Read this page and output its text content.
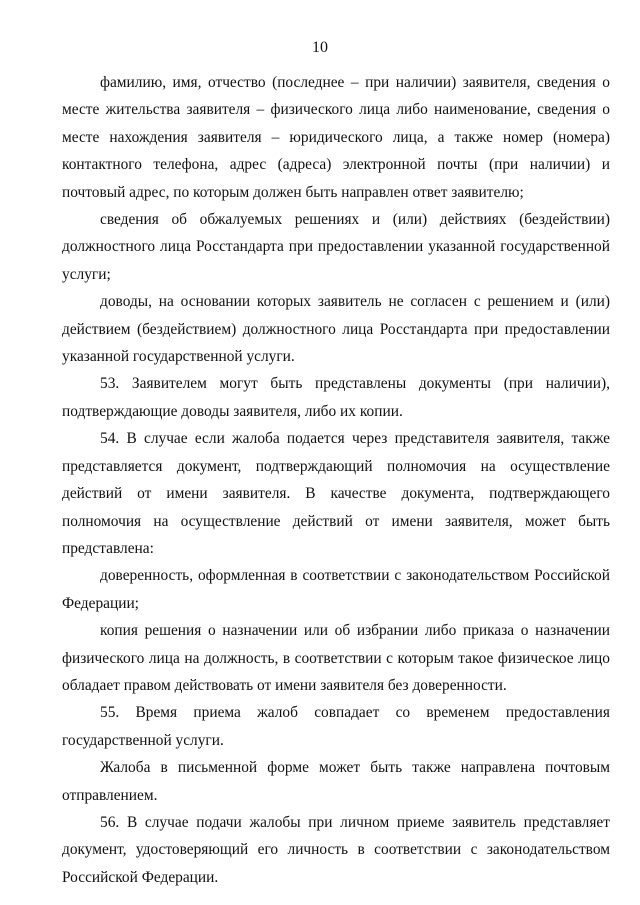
10

фамилию, имя, отчество (последнее – при наличии) заявителя, сведения о месте жительства заявителя – физического лица либо наименование, сведения о месте нахождения заявителя – юридического лица, а также номер (номера) контактного телефона, адрес (адреса) электронной почты (при наличии) и почтовый адрес, по которым должен быть направлен ответ заявителю;

сведения об обжалуемых решениях и (или) действиях (бездействии) должностного лица Росстандарта при предоставлении указанной государственной услуги;

доводы, на основании которых заявитель не согласен с решением и (или) действием (бездействием) должностного лица Росстандарта при предоставлении указанной государственной услуги.

53. Заявителем могут быть представлены документы (при наличии), подтверждающие доводы заявителя, либо их копии.

54. В случае если жалоба подается через представителя заявителя, также представляется документ, подтверждающий полномочия на осуществление действий от имени заявителя. В качестве документа, подтверждающего полномочия на осуществление действий от имени заявителя, может быть представлена:

доверенность, оформленная в соответствии с законодательством Российской Федерации;

копия решения о назначении или об избрании либо приказа о назначении физического лица на должность, в соответствии с которым такое физическое лицо обладает правом действовать от имени заявителя без доверенности.

55. Время приема жалоб совпадает со временем предоставления государственной услуги.

Жалоба в письменной форме может быть также направлена почтовым отправлением.

56. В случае подачи жалобы при личном приеме заявитель представляет документ, удостоверяющий его личность в соответствии с законодательством Российской Федерации.
